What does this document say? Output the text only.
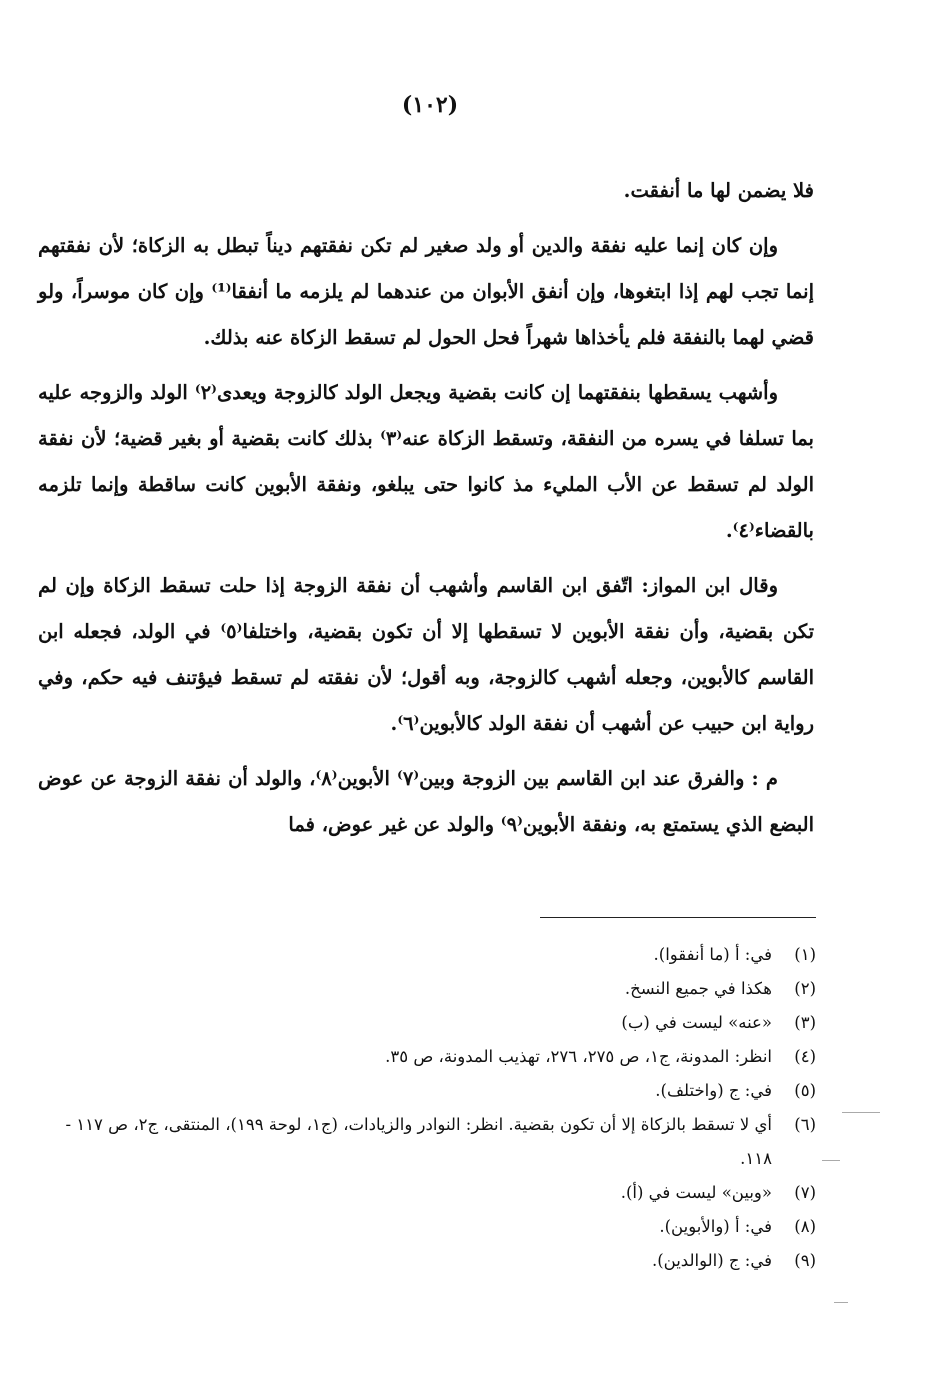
(١٠٢)

فلا يضمن لها ما أنفقت.

وإن كان إنما عليه نفقة والدين أو ولد صغير لم تكن نفقتهم ديناً تبطل به الزكاة؛ لأن نفقتهم إنما تجب لهم إذا ابتغوها، وإن أنفق الأبوان من عندهما لم يلزمه ما أنفقا⁽¹⁾ وإن كان موسراً، ولو قضي لهما بالنفقة فلم يأخذاها شهراً فحل الحول لم تسقط الزكاة عنه بذلك.

وأشهب يسقطها بنفقتهما إن كانت بقضية ويجعل الولد كالزوجة ويعدى⁽٢⁾ الولد والزوجه عليه بما تسلفا في يسره من النفقة، وتسقط الزكاة عنه⁽٣⁾ بذلك كانت بقضية أو بغير قضية؛ لأن نفقة الولد لم تسقط عن الأب المليء مذ كانوا حتى يبلغو، ونفقة الأبوين كانت ساقطة وإنما تلزمه بالقضاء⁽٤⁾.

وقال ابن المواز: اتّفق ابن القاسم وأشهب أن نفقة الزوجة إذا حلت تسقط الزكاة وإن لم تكن بقضية، وأن نفقة الأبوين لا تسقطها إلا أن تكون بقضية، واختلفا⁽٥⁾ في الولد، فجعله ابن القاسم كالأبوين، وجعله أشهب كالزوجة، وبه أقول؛ لأن نفقته لم تسقط فيؤتنف فيه حكم، وفي رواية ابن حبيب عن أشهب أن نفقة الولد كالأبوين⁽٦⁾.

م : والفرق عند ابن القاسم بين الزوجة وبين⁽٧⁾ الأبوين⁽٨⁾، والولد أن نفقة الزوجة عن عوض البضع الذي يستمتع به، ونفقة الأبوين⁽٩⁾ والولد عن غير عوض، فما

(١)
في: أ (ما أنفقوا).
(٢)
هكذا في جميع النسخ.
(٣)
«عنه» ليست في (ب)
(٤)
انظر: المدونة، ج١، ص ٢٧٥، ٢٧٦، تهذيب المدونة، ص ٣٥.
(٥)
في: ج (واختلف).
(٦)
أي لا تسقط بالزكاة إلا أن تكون بقضية. انظر: النوادر والزيادات، (ج١، لوحة ١٩٩)، المنتقى، ج٢، ص ١١٧ - ١١٨.
(٧)
«وبين» ليست في (أ).
(٨)
في: أ (والأبوين).
(٩)
في: ج (الوالدين).
